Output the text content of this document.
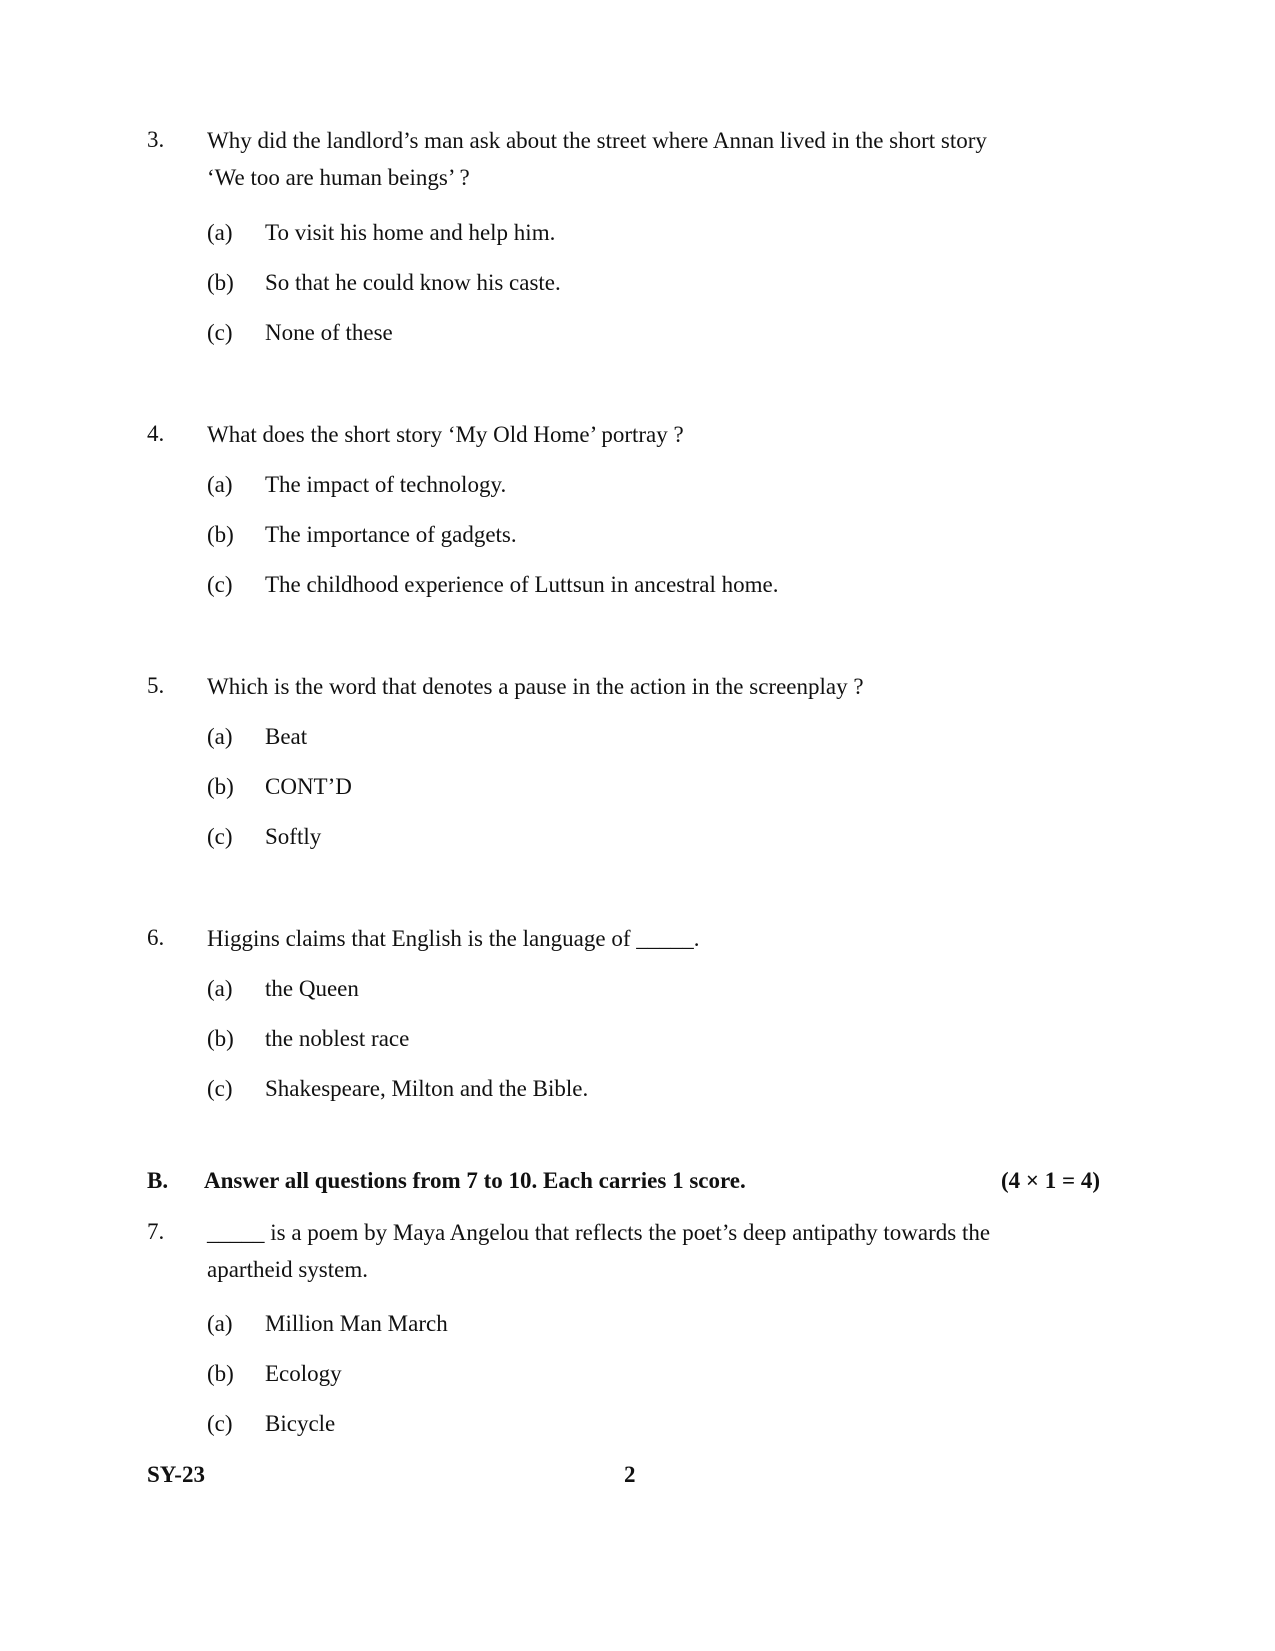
3. Why did the landlord’s man ask about the street where Annan lived in the short story
‘We too are human beings’ ?
(a) To visit his home and help him.
(b) So that he could know his caste.
(c) None of these
4. What does the short story ‘My Old Home’ portray ?
(a) The impact of technology.
(b) The importance of gadgets.
(c) The childhood experience of Luttsun in ancestral home.
5. Which is the word that denotes a pause in the action in the screenplay ?
(a) Beat
(b) CONT’D
(c) Softly
6. Higgins claims that English is the language of _____.
(a) the Queen
(b) the noblest race
(c) Shakespeare, Milton and the Bible.
B. Answer all questions from 7 to 10. Each carries 1 score.	(4 × 1 = 4)
7. _____ is a poem by Maya Angelou that reflects the poet’s deep antipathy towards the
apartheid system.
(a) Million Man March
(b) Ecology
(c) Bicycle
SY-23	2
